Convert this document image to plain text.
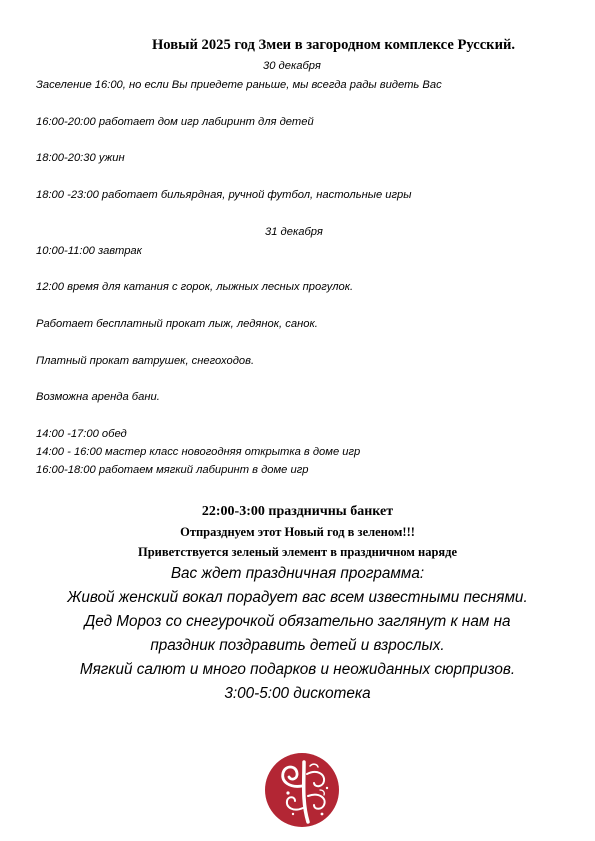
Новый 2025 год Змеи в загородном комплексе Русский.
30 декабря
Заселение 16:00, но если Вы приедете раньше, мы всегда рады видеть Вас
16:00-20:00 работает дом игр лабиринт для детей
18:00-20:30 ужин
18:00 -23:00 работает бильярдная, ручной футбол, настольные игры
31 декабря
10:00-11:00 завтрак
12:00 время для катания с горок, лыжных лесных прогулок.
Работает бесплатный прокат лыж, ледянок, санок.
Платный прокат ватрушек, снегоходов.
Возможна аренда бани.
14:00 -17:00 обед
14:00 - 16:00 мастер класс новогодняя открытка в доме игр
16:00-18:00 работаем мягкий лабиринт в доме игр
22:00-3:00 праздничны банкет
Отпразднуем этот Новый год в зеленом!!!
Приветствуется зеленый элемент в праздничном наряде
Вас ждет праздничная программа:
Живой женский вокал порадует вас всем известными песнями.
Дед Мороз со снегурочкой обязательно заглянут к нам на
праздник поздравить детей и взрослых.
Мягкий салют и много подарков и неожиданных сюрпризов.
3:00-5:00 дискотека
